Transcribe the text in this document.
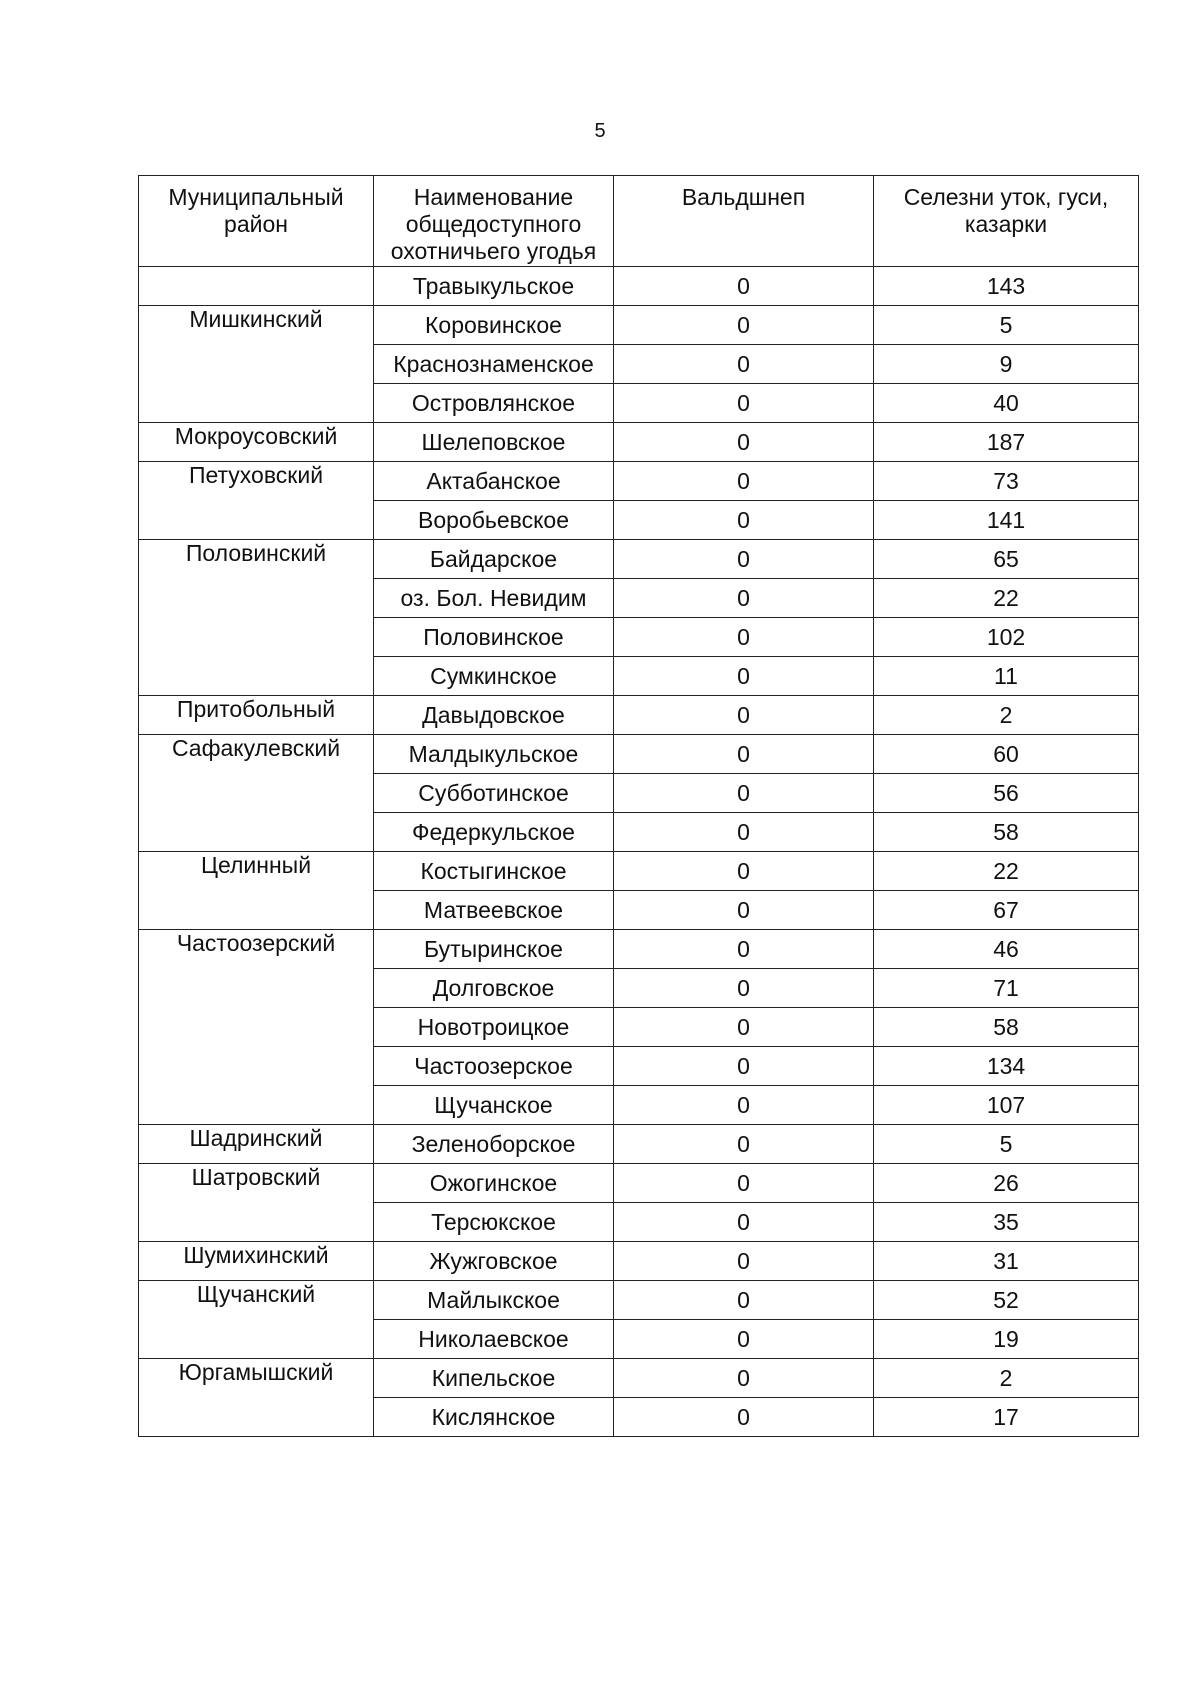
5
Муниципальный район	Наименование общедоступного охотничьего угодья	Вальдшнеп	Селезни уток, гуси, казарки
	Травыкульское	0	143
Мишкинский	Коровинское	0	5
	Краснознаменское	0	9
	Островлянское	0	40
Мокроусовский	Шелеповское	0	187
Петуховский	Актабанское	0	73
	Воробьевское	0	141
Половинский	Байдарское	0	65
	оз. Бол. Невидим	0	22
	Половинское	0	102
	Сумкинское	0	11
Притобольный	Давыдовское	0	2
Сафакулевский	Малдыкульское	0	60
	Субботинское	0	56
	Федеркульское	0	58
Целинный	Костыгинское	0	22
	Матвеевское	0	67
Частоозерский	Бутыринское	0	46
	Долговское	0	71
	Новотроицкое	0	58
	Частоозерское	0	134
	Щучанское	0	107
Шадринский	Зеленоборское	0	5
Шатровский	Ожогинское	0	26
	Терсюкское	0	35
Шумихинский	Жужговское	0	31
Щучанский	Майлыкское	0	52
	Николаевское	0	19
Юргамышский	Кипельское	0	2
	Кислянское	0	17
